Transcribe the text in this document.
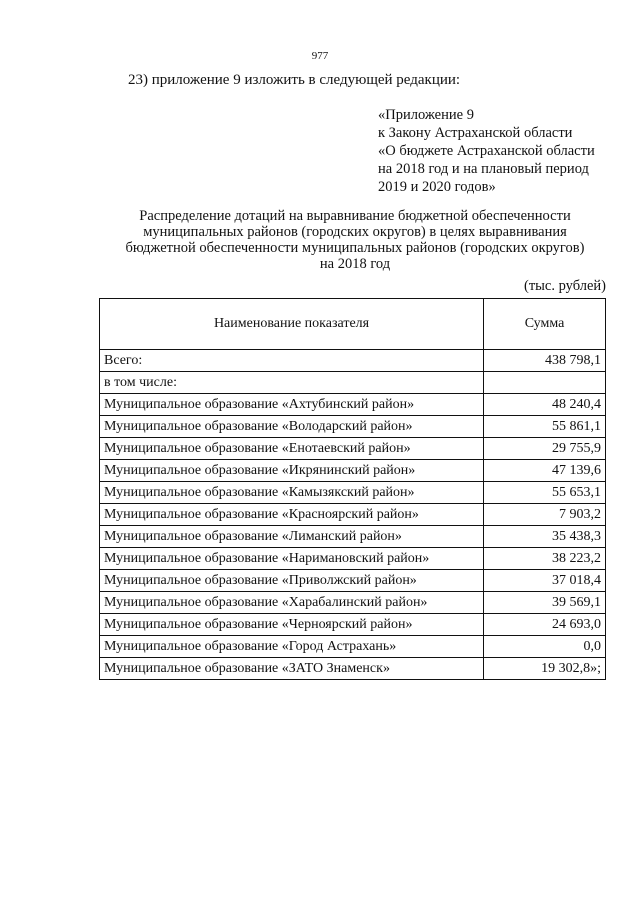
977
23) приложение 9 изложить в следующей редакции:
«Приложение 9
к Закону Астраханской области
«О бюджете Астраханской области
на 2018 год и на плановый период
2019 и 2020 годов»
Распределение дотаций на выравнивание бюджетной обеспеченности
муниципальных районов (городских округов) в целях выравнивания
бюджетной обеспеченности муниципальных районов (городских округов)
на 2018 год
(тыс. рублей)
Наименование показателя	Сумма
Всего:	438 798,1
в том числе:	
Муниципальное образование «Ахтубинский район»	48 240,4
Муниципальное образование «Володарский район»	55 861,1
Муниципальное образование «Енотаевский район»	29 755,9
Муниципальное образование «Икрянинский район»	47 139,6
Муниципальное образование «Камызякский район»	55 653,1
Муниципальное образование «Красноярский район»	7 903,2
Муниципальное образование «Лиманский район»	35 438,3
Муниципальное образование «Наримановский район»	38 223,2
Муниципальное образование «Приволжский район»	37 018,4
Муниципальное образование «Харабалинский район»	39 569,1
Муниципальное образование «Черноярский район»	24 693,0
Муниципальное образование «Город Астрахань»	0,0
Муниципальное образование «ЗАТО Знаменск»	19 302,8»;
